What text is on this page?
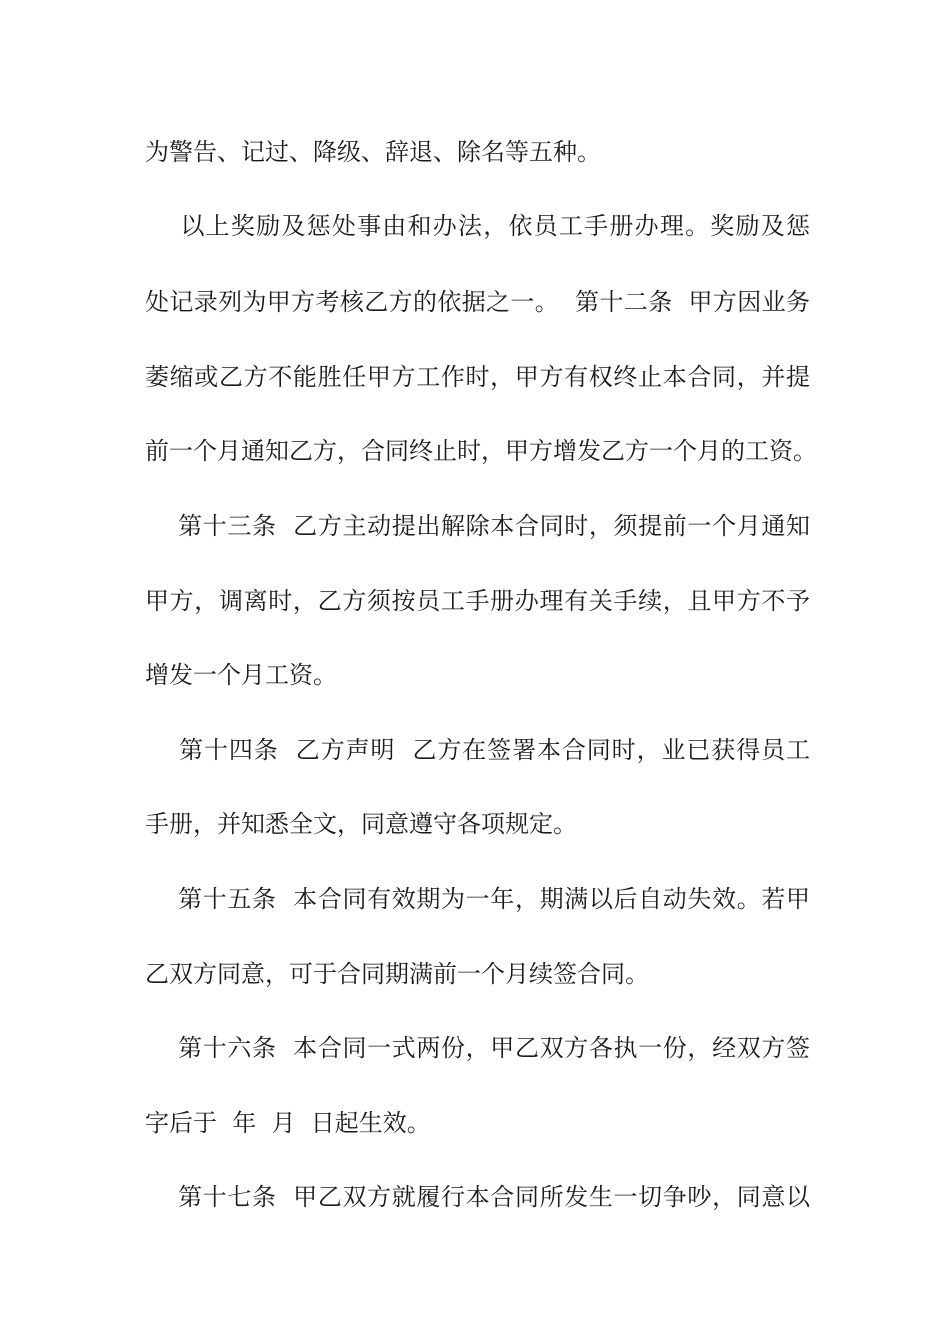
为警告、记过、降级、辞退、除名等五种。
以上奖励及惩处事由和办法，依员工手册办理。奖励及惩
处记录列为甲方考核乙方的依据之一。  第十二条  甲方因业务
萎缩或乙方不能胜任甲方工作时，甲方有权终止本合同，并提
前一个月通知乙方，合同终止时，甲方增发乙方一个月的工资。
第十三条  乙方主动提出解除本合同时，须提前一个月通知
甲方，调离时，乙方须按员工手册办理有关手续，且甲方不予
增发一个月工资。
第十四条  乙方声明  乙方在签署本合同时，业已获得员工
手册，并知悉全文，同意遵守各项规定。
第十五条  本合同有效期为一年，期满以后自动失效。若甲
乙双方同意，可于合同期满前一个月续签合同。
第十六条  本合同一式两份，甲乙双方各执一份，经双方签
字后于  年  月  日起生效。
第十七条  甲乙双方就履行本合同所发生一切争吵，同意以
